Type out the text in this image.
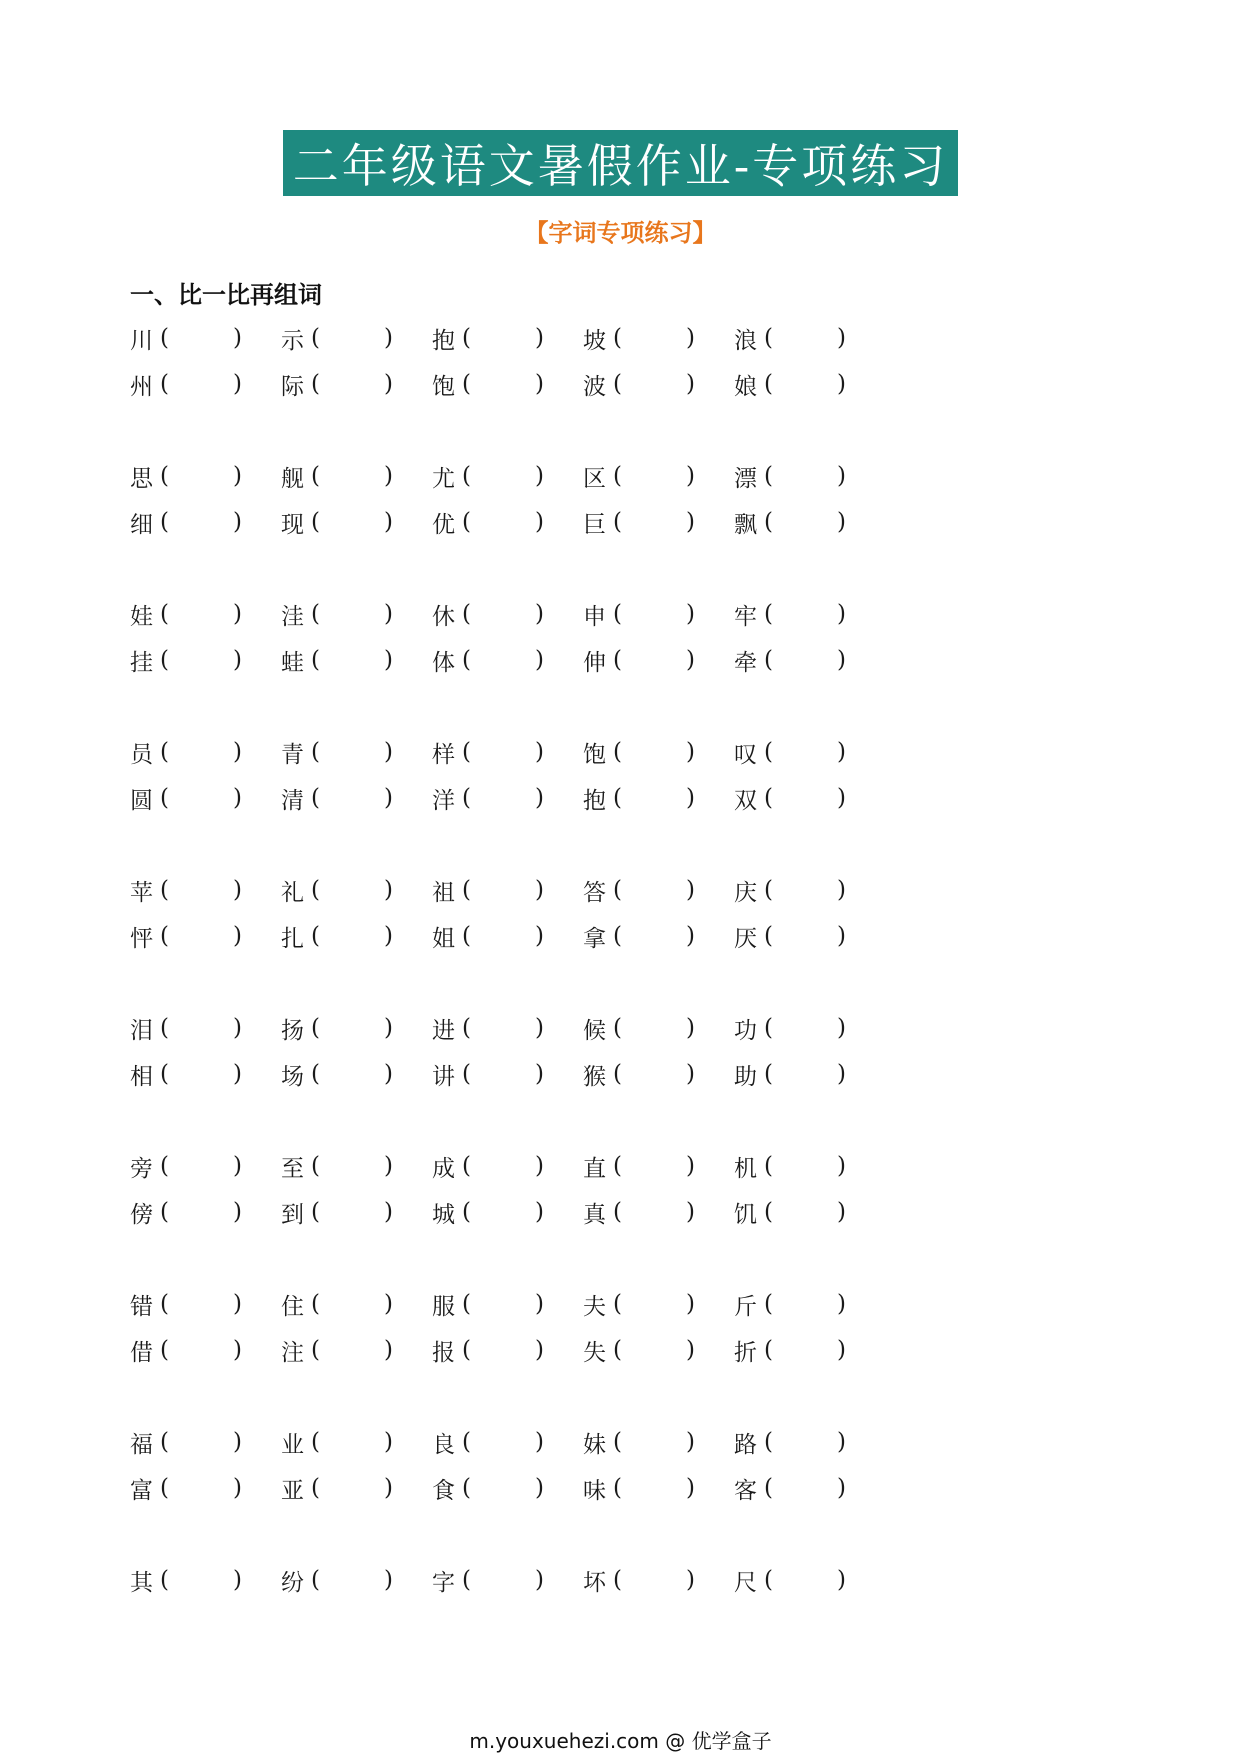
二年级语文暑假作业-专项练习
【字词专项练习】
一、比一比再组词
川 (	) 示 (	) 抱 (	) 坡 (	) 浪 (	)
州 (	) 际 (	) 饱 (	) 波 (	) 娘 (	)
思 (	) 舰 (	) 尤 (	) 区 (	) 漂 (	)
细 (	) 现 (	) 优 (	) 巨 (	) 飘 (	)
娃 (	) 洼 (	) 休 (	) 申 (	) 牢 (	)
挂 (	) 蛙 (	) 体 (	) 伸 (	) 牵 (	)
员 (	) 青 (	) 样 (	) 饱 (	) 叹 (	)
圆 (	) 清 (	) 洋 (	) 抱 (	) 双 (	)
苹 (	) 礼 (	) 祖 (	) 答 (	) 庆 (	)
怦 (	) 扎 (	) 姐 (	) 拿 (	) 厌 (	)
泪 (	) 扬 (	) 进 (	) 候 (	) 功 (	)
相 (	) 场 (	) 讲 (	) 猴 (	) 助 (	)
旁 (	) 至 (	) 成 (	) 直 (	) 机 (	)
傍 (	) 到 (	) 城 (	) 真 (	) 饥 (	)
错 (	) 住 (	) 服 (	) 夫 (	) 斤 (	)
借 (	) 注 (	) 报 (	) 失 (	) 折 (	)
福 (	) 业 (	) 良 (	) 妹 (	) 路 (	)
富 (	) 亚 (	) 食 (	) 味 (	) 客 (	)
其 (	) 纷 (	) 字 (	) 坏 (	) 尺 (	)
m.youxuehezi.com @ 优学盒子
